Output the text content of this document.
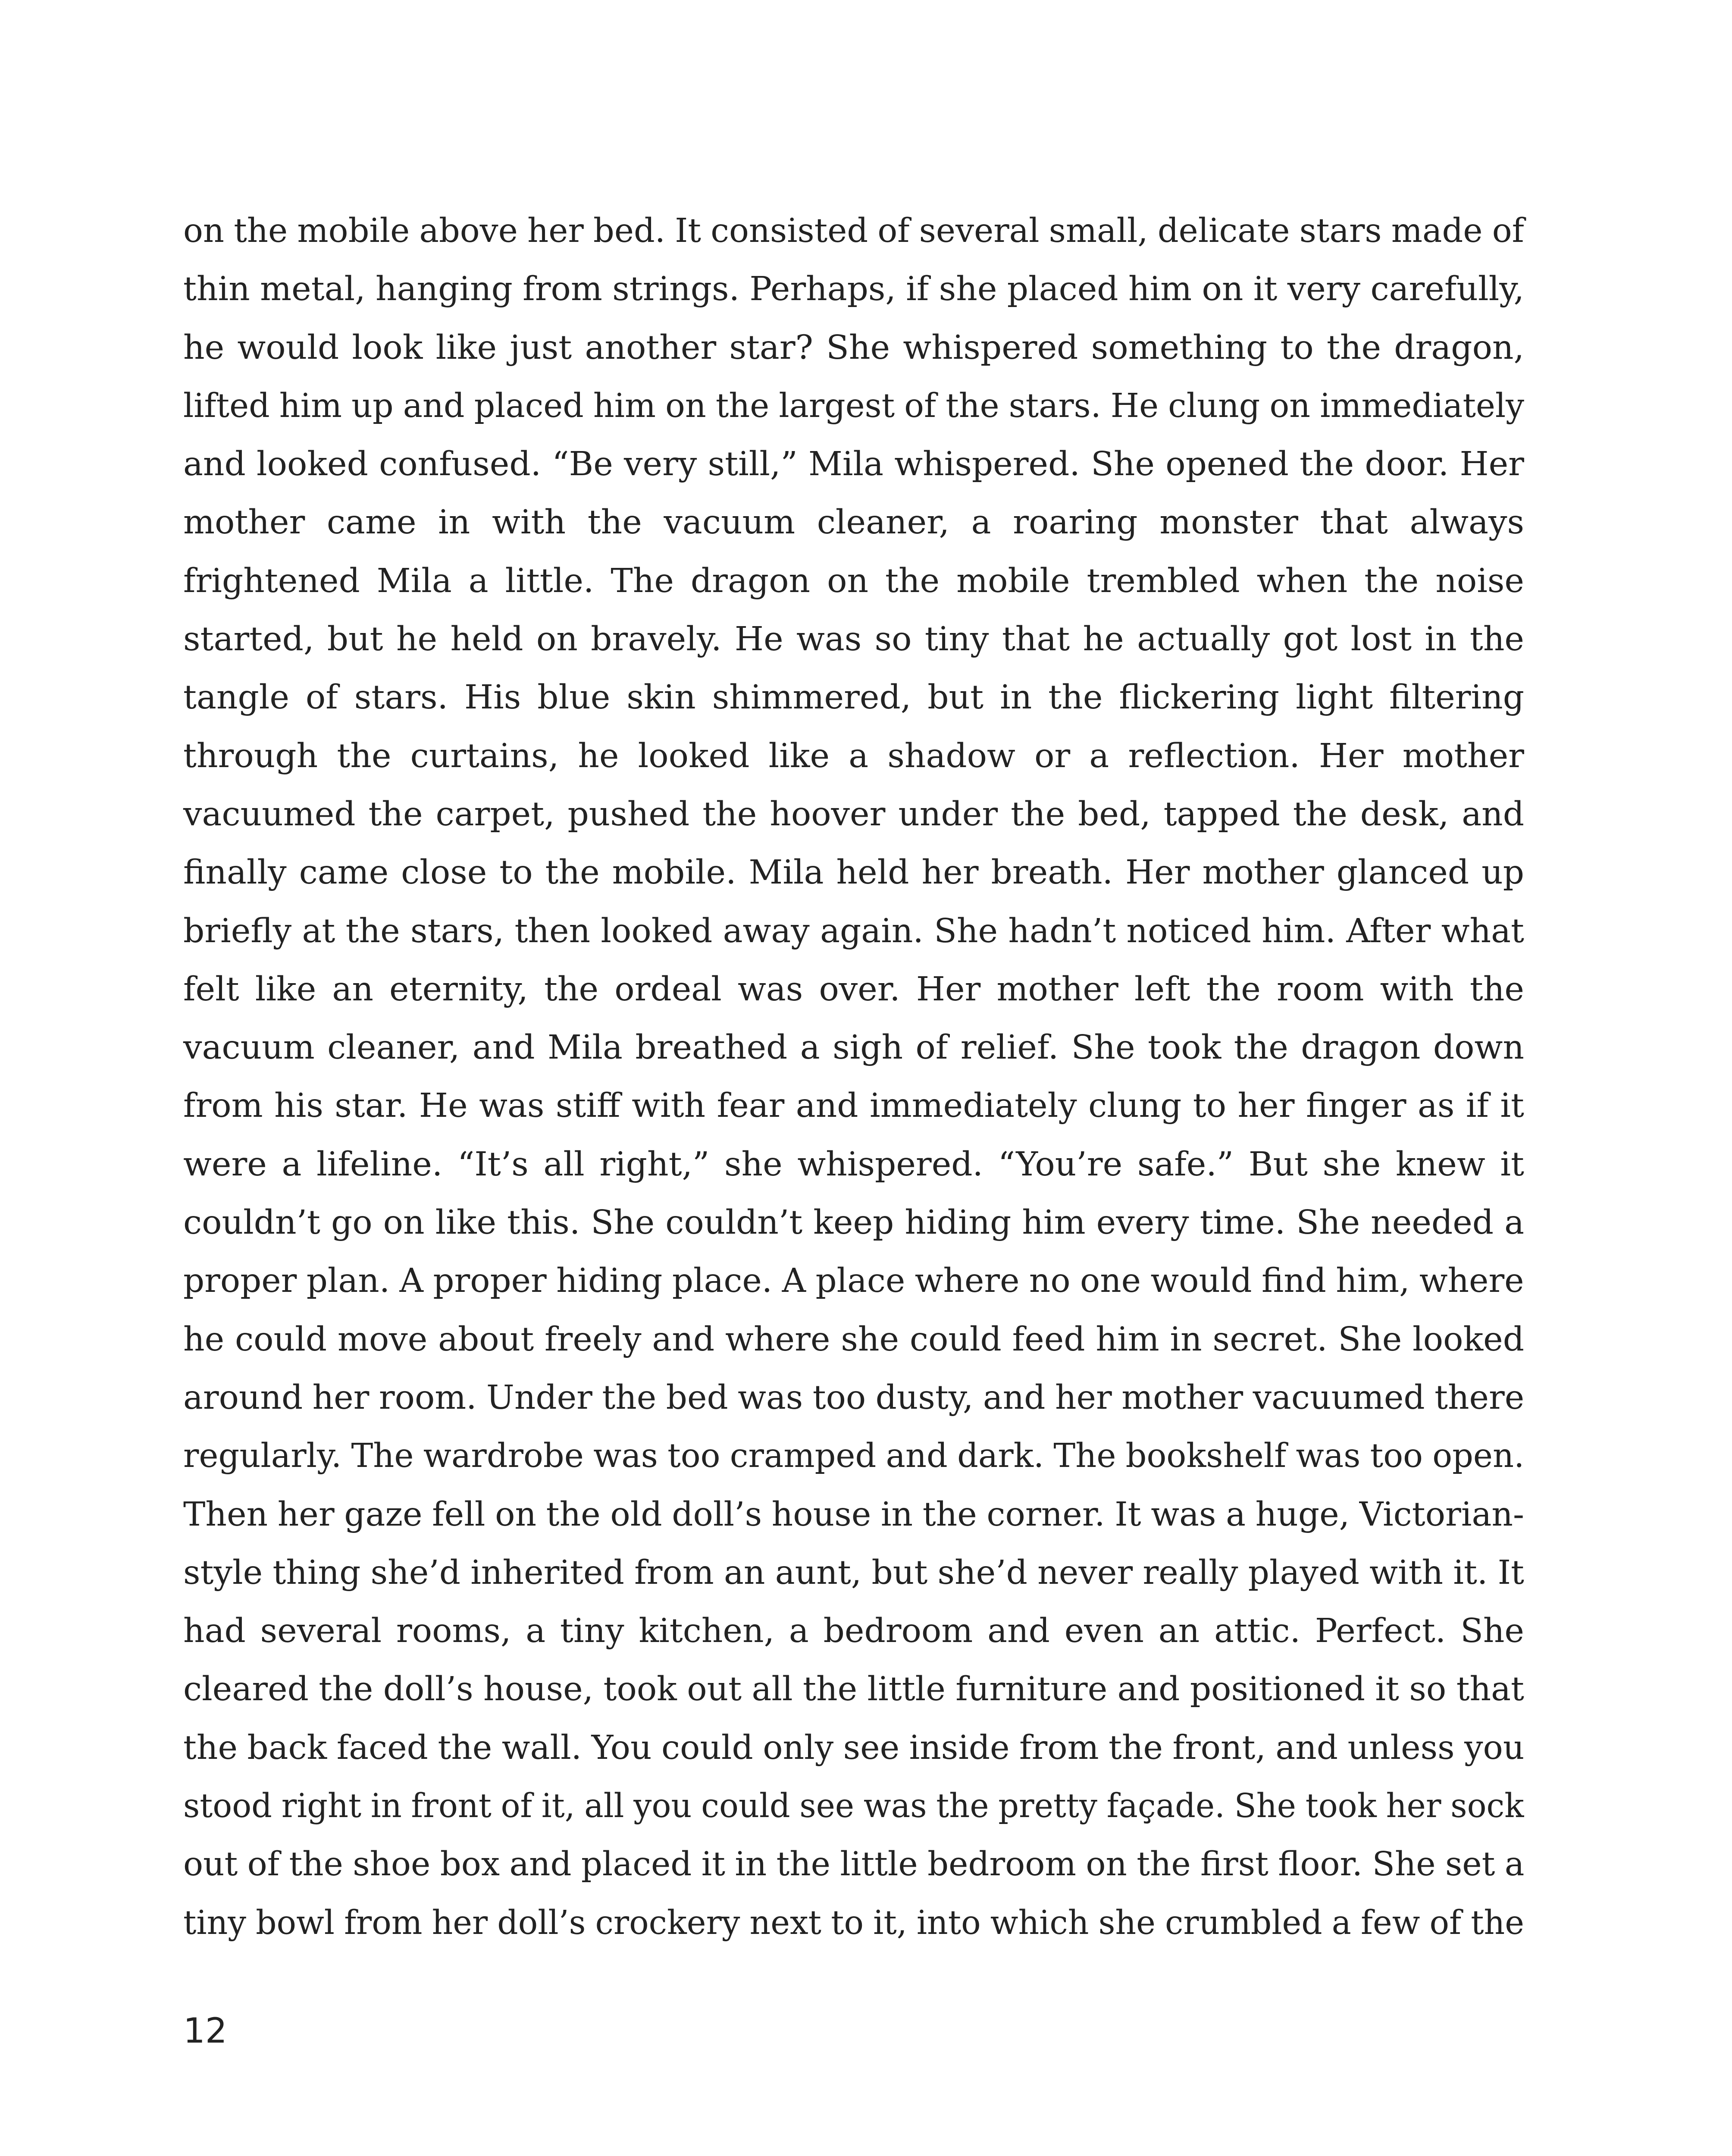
on the mobile above her bed. It consisted of several small, delicate stars made of
thin metal, hanging from strings. Perhaps, if she placed him on it very carefully,
he would look like just another star? She whispered something to the dragon,
lifted him up and placed him on the largest of the stars. He clung on immediately
and looked confused. “Be very still,” Mila whispered. She opened the door. Her
mother came in with the vacuum cleaner, a roaring monster that always
frightened Mila a little. The dragon on the mobile trembled when the noise
started, but he held on bravely. He was so tiny that he actually got lost in the
tangle of stars. His blue skin shimmered, but in the flickering light filtering
through the curtains, he looked like a shadow or a reflection. Her mother
vacuumed the carpet, pushed the hoover under the bed, tapped the desk, and
finally came close to the mobile. Mila held her breath. Her mother glanced up
briefly at the stars, then looked away again. She hadn’t noticed him. After what
felt like an eternity, the ordeal was over. Her mother left the room with the
vacuum cleaner, and Mila breathed a sigh of relief. She took the dragon down
from his star. He was stiff with fear and immediately clung to her finger as if it
were a lifeline. “It’s all right,” she whispered. “You’re safe.” But she knew it
couldn’t go on like this. She couldn’t keep hiding him every time. She needed a
proper plan. A proper hiding place. A place where no one would find him, where
he could move about freely and where she could feed him in secret. She looked
around her room. Under the bed was too dusty, and her mother vacuumed there
regularly. The wardrobe was too cramped and dark. The bookshelf was too open.
Then her gaze fell on the old doll’s house in the corner. It was a huge, Victorian-
style thing she’d inherited from an aunt, but she’d never really played with it. It
had several rooms, a tiny kitchen, a bedroom and even an attic. Perfect. She
cleared the doll’s house, took out all the little furniture and positioned it so that
the back faced the wall. You could only see inside from the front, and unless you
stood right in front of it, all you could see was the pretty façade. She took her sock
out of the shoe box and placed it in the little bedroom on the first floor. She set a
tiny bowl from her doll’s crockery next to it, into which she crumbled a few of the
12
